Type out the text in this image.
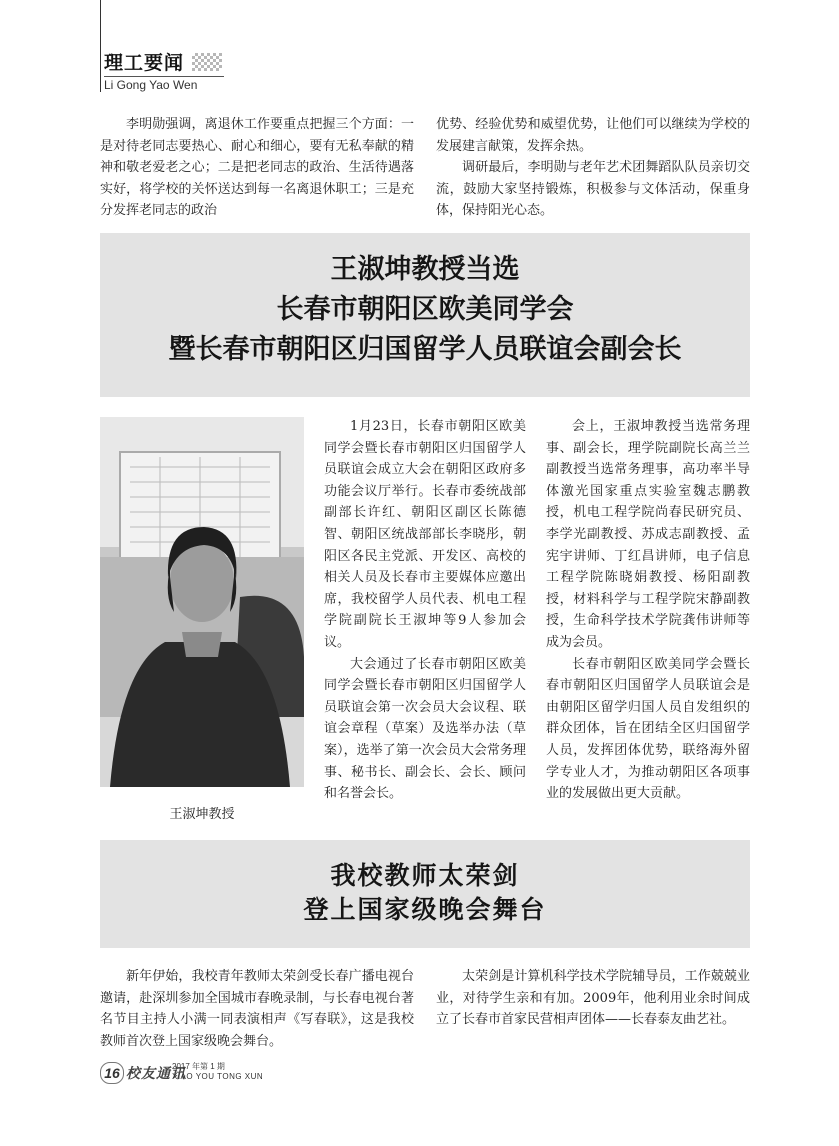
理工要闻
Li Gong Yao Wen

李明勋强调，离退休工作要重点把握三个方面：一是对待老同志要热心、耐心和细心，要有无私奉献的精神和敬老爱老之心；二是把老同志的政治、生活待遇落实好，将学校的关怀送达到每一名离退休职工；三是充分发挥老同志的政治

优势、经验优势和威望优势，让他们可以继续为学校的发展建言献策，发挥余热。

调研最后，李明勋与老年艺术团舞蹈队队员亲切交流，鼓励大家坚持锻炼，积极参与文体活动，保重身体，保持阳光心态。

王淑坤教授当选
长春市朝阳区欧美同学会
暨长春市朝阳区归国留学人员联谊会副会长
王淑坤教授

1月23日，长春市朝阳区欧美同学会暨长春市朝阳区归国留学人员联谊会成立大会在朝阳区政府多功能会议厅举行。长春市委统战部副部长许红、朝阳区副区长陈德智、朝阳区统战部部长李晓彤，朝阳区各民主党派、开发区、高校的相关人员及长春市主要媒体应邀出席，我校留学人员代表、机电工程学院副院长王淑坤等9人参加会议。

大会通过了长春市朝阳区欧美同学会暨长春市朝阳区归国留学人员联谊会第一次会员大会议程、联谊会章程（草案）及选举办法（草案），选举了第一次会员大会常务理事、秘书长、副会长、会长、顾问和名誉会长。

会上，王淑坤教授当选常务理事、副会长，理学院副院长高兰兰副教授当选常务理事，高功率半导体激光国家重点实验室魏志鹏教授，机电工程学院尚春民研究员、李学光副教授、苏成志副教授、孟宪宇讲师、丁红昌讲师，电子信息工程学院陈晓娟教授、杨阳副教授，材料科学与工程学院宋静副教授，生命科学技术学院龚伟讲师等成为会员。

长春市朝阳区欧美同学会暨长春市朝阳区归国留学人员联谊会是由朝阳区留学归国人员自发组织的群众团体，旨在团结全区归国留学人员，发挥团体优势，联络海外留学专业人才，为推动朝阳区各项事业的发展做出更大贡献。

我校教师太荣剑
登上国家级晚会舞台

新年伊始，我校青年教师太荣剑受长春广播电视台邀请，赴深圳参加全国城市春晚录制，与长春电视台著名节目主持人小满一同表演相声《写春联》，这是我校教师首次登上国家级晚会舞台。

太荣剑是计算机科学技术学院辅导员，工作兢兢业业，对待学生亲和有加。2009年，他利用业余时间成立了长春市首家民营相声团体——长春泰友曲艺社。

16 校友通讯
2017 年第 1 期
XIAO YOU TONG XUN
